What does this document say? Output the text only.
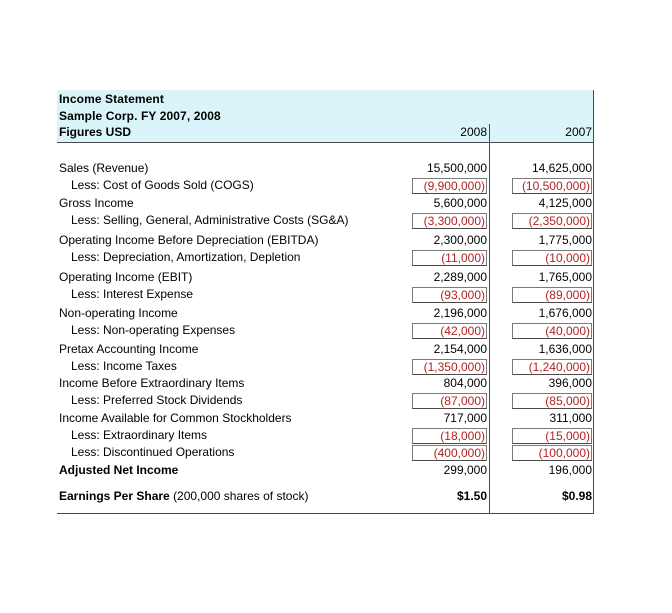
Income Statement
Sample Corp. FY 2007, 2008
Figures USD	2008	2007
Sales (Revenue)	15,500,000	14,625,000
Less: Cost of Goods Sold (COGS)	(9,900,000)	(10,500,000)
Gross Income	5,600,000	4,125,000
Less: Selling, General, Administrative Costs (SG&A)	(3,300,000)	(2,350,000)
Operating Income Before Depreciation (EBITDA)	2,300,000	1,775,000
Less: Depreciation, Amortization, Depletion	(11,000)	(10,000)
Operating Income (EBIT)	2,289,000	1,765,000
Less: Interest Expense	(93,000)	(89,000)
Non-operating Income	2,196,000	1,676,000
Less: Non-operating Expenses	(42,000)	(40,000)
Pretax Accounting Income	2,154,000	1,636,000
Less: Income Taxes	(1,350,000)	(1,240,000)
Income Before Extraordinary Items	804,000	396,000
Less: Preferred Stock Dividends	(87,000)	(85,000)
Income Available for Common Stockholders	717,000	311,000
Less: Extraordinary Items	(18,000)	(15,000)
Less: Discontinued Operations	(400,000)	(100,000)
Adjusted Net Income	299,000	196,000
Earnings Per Share (200,000 shares of stock)	$1.50	$0.98
